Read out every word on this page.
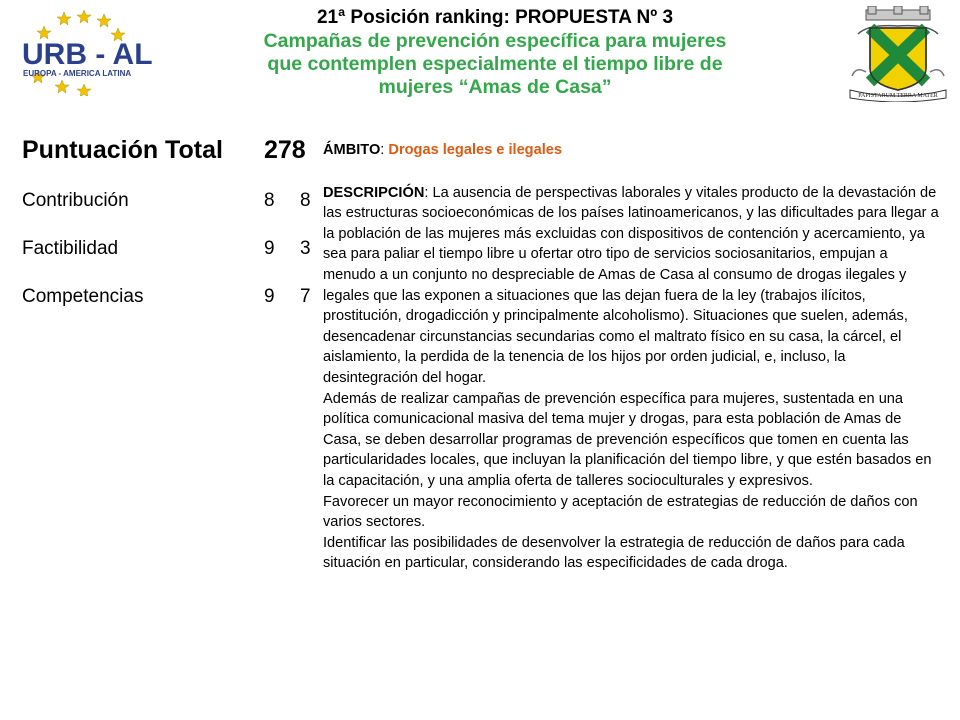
URB - AL
EUROPA - AMERICA LATINA
PAPISTARUM TERRA MATER
21ª Posición ranking: PROPUESTA Nº 3
Campañas de prevención específica para mujeres
que contemplen especialmente el tiempo libre de
mujeres “Amas de Casa”
Puntuación Total 278
Contribución	8 8
Factibilidad	9 3
Competencias	9 7

ÁMBITO: Drogas legales e ilegales

DESCRIPCIÓN: La ausencia de perspectivas laborales y vitales producto de la devastación de las estructuras socioeconómicas de los países latinoamericanos, y las dificultades para llegar a la población de las mujeres más excluidas con dispositivos de contención y acercamiento, ya sea para paliar el tiempo libre u ofertar otro tipo de servicios sociosanitarios, empujan a menudo a un conjunto no despreciable de Amas de Casa al consumo de drogas ilegales y legales que las exponen a situaciones que las dejan fuera de la ley (trabajos ilícitos, prostitución, drogadicción y principalmente alcoholismo). Situaciones que suelen, además, desencadenar circunstancias secundarias como el maltrato físico en su casa, la cárcel, el aislamiento, la perdida de la tenencia de los hijos por orden judicial, e, incluso, la desintegración del hogar.

Además de realizar campañas de prevención específica para mujeres, sustentada en una política comunicacional masiva del tema mujer y drogas, para esta población de Amas de Casa, se deben desarrollar programas de prevención específicos que tomen en cuenta las particularidades locales, que incluyan la planificación del tiempo libre, y que estén basados en la capacitación, y una amplia oferta de talleres socioculturales y expresivos.

Favorecer un mayor reconocimiento y aceptación de estrategias de reducción de daños con varios sectores.

Identificar las posibilidades de desenvolver la estrategia de reducción de daños para cada situación en particular, considerando las especificidades de cada droga.
